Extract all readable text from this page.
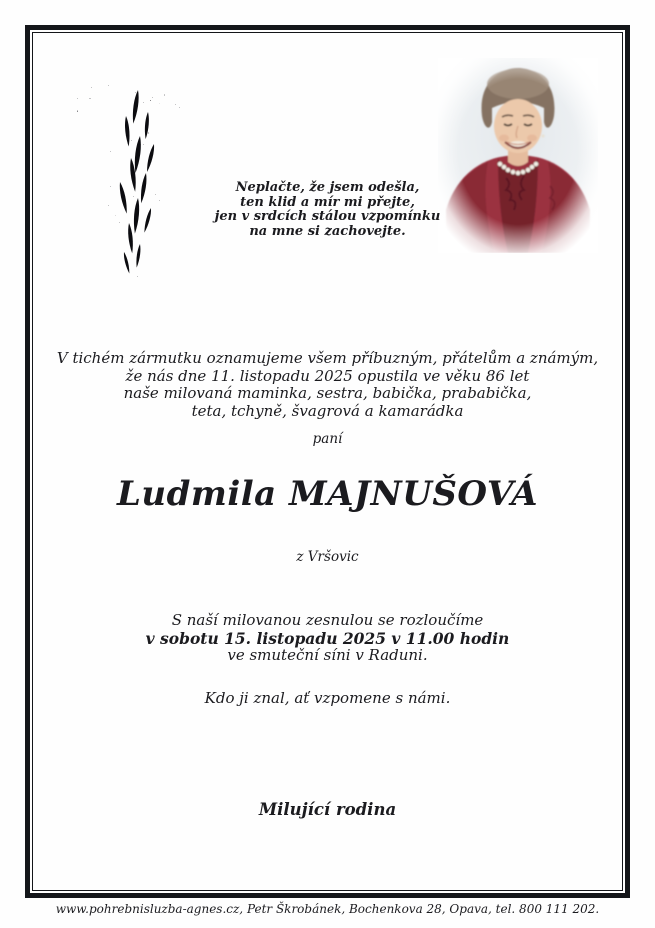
Neplačte, že jsem odešla,
ten klid a mír mi přejte,
jen v srdcích stálou vzpomínku
na mne si zachovejte.
V tichém zármutku oznamujeme všem příbuzným, přátelům a známým,
že nás dne 11. listopadu 2025 opustila ve věku 86 let
naše milovaná maminka, sestra, babička, prababička,
teta, tchyně, švagrová a kamarádka
paní
Ludmila MAJNUŠOVÁ
z Vršovic
S naší milovanou zesnulou se rozloučíme
v sobotu 15. listopadu 2025 v 11.00 hodin
ve smuteční síni v Raduni.
Kdo ji znal, ať vzpomene s námi.
Milující rodina
www.pohrebnisluzba-agnes.cz, Petr Škrobánek, Bochenkova 28, Opava, tel. 800 111 202.
